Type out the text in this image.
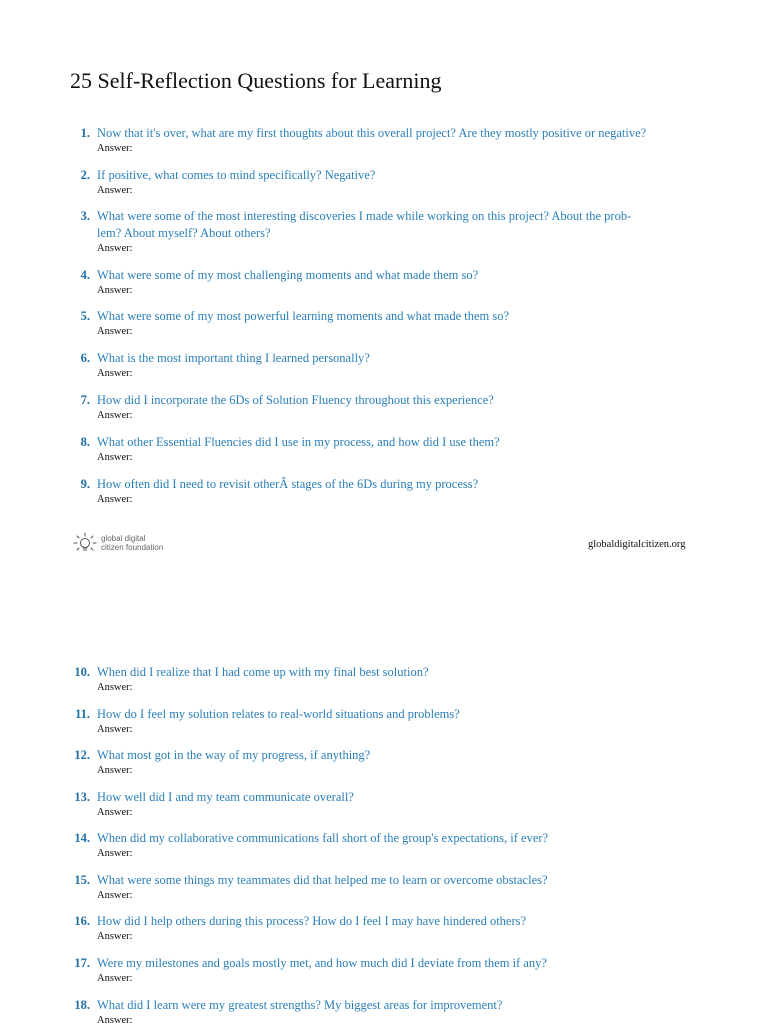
25 Self-Reflection Questions for Learning
1. Now that it's over, what are my first thoughts about this overall project? Are they mostly positive or negative?
Answer:
2. If positive, what comes to mind specifically? Negative?
Answer:
3. What were some of the most interesting discoveries I made while working on this project? About the prob-
lem? About myself? About others?
Answer:
4. What were some of my most challenging moments and what made them so?
Answer:
5. What were some of my most powerful learning moments and what made them so?
Answer:
6. What is the most important thing I learned personally?
Answer:
7. How did I incorporate the 6Ds of Solution Fluency throughout this experience?
Answer:
8. What other Essential Fluencies did I use in my process, and how did I use them?
Answer:
9. How often did I need to revisit otherÂ stages of the 6Ds during my process?
Answer:
10. When did I realize that I had come up with my final best solution?
Answer:
11. How do I feel my solution relates to real-world situations and problems?
Answer:
12. What most got in the way of my progress, if anything?
Answer:
13. How well did I and my team communicate overall?
Answer:
14. When did my collaborative communications fall short of the group's expectations, if ever?
Answer:
15. What were some things my teammates did that helped me to learn or overcome obstacles?
Answer:
16. How did I help others during this process? How do I feel I may have hindered others?
Answer:
17. Were my milestones and goals mostly met, and how much did I deviate from them if any?
Answer:
18. What did I learn were my greatest strengths? My biggest areas for improvement?
Answer:
global digital
citizen foundation	globaldigitalcitizen.org
